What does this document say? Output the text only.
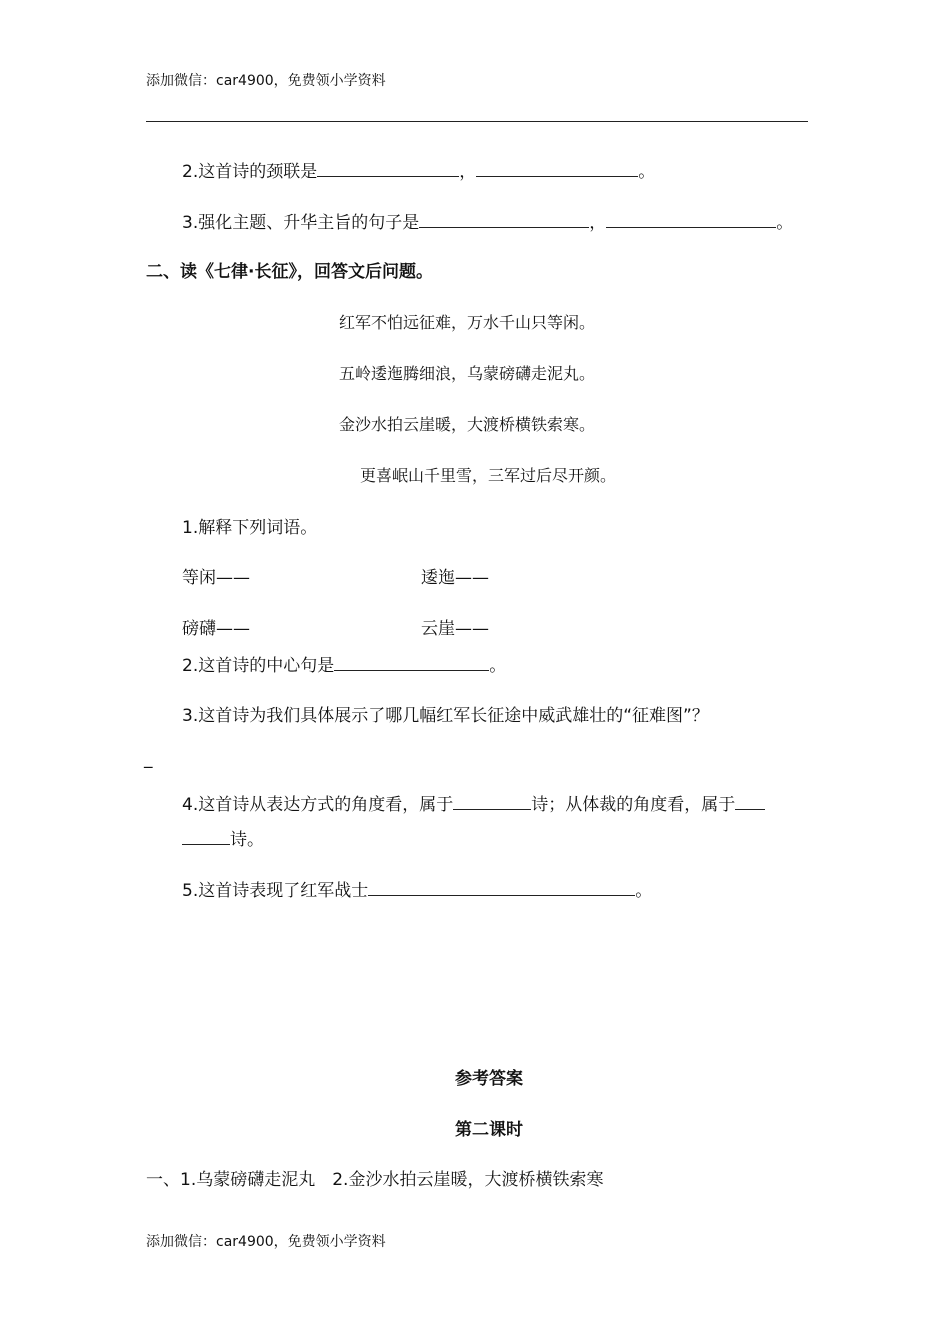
添加微信：car4900，免费领小学资料
2.这首诗的颈联是	，	。
3.强化主题、升华主旨的句子是	，	。
二、读《七律·长征》，回答文后问题。
红军不怕远征难，万水千山只等闲。
五岭逶迤腾细浪，乌蒙磅礴走泥丸。
金沙水拍云崖暖，大渡桥横铁索寒。
更喜岷山千里雪，三军过后尽开颜。
1.解释下列词语。
等闲——	逶迤——
磅礴——	云崖——
2.这首诗的中心句是	。
3.这首诗为我们具体展示了哪几幅红军长征途中威武雄壮的“征难图”？
_
4.这首诗从表达方式的角度看，属于	诗；从体裁的角度看，属于
诗。
5.这首诗表现了红军战士	。
参考答案
第二课时
一、1.乌蒙磅礴走泥丸　2.金沙水拍云崖暖，大渡桥横铁索寒
添加微信：car4900，免费领小学资料
